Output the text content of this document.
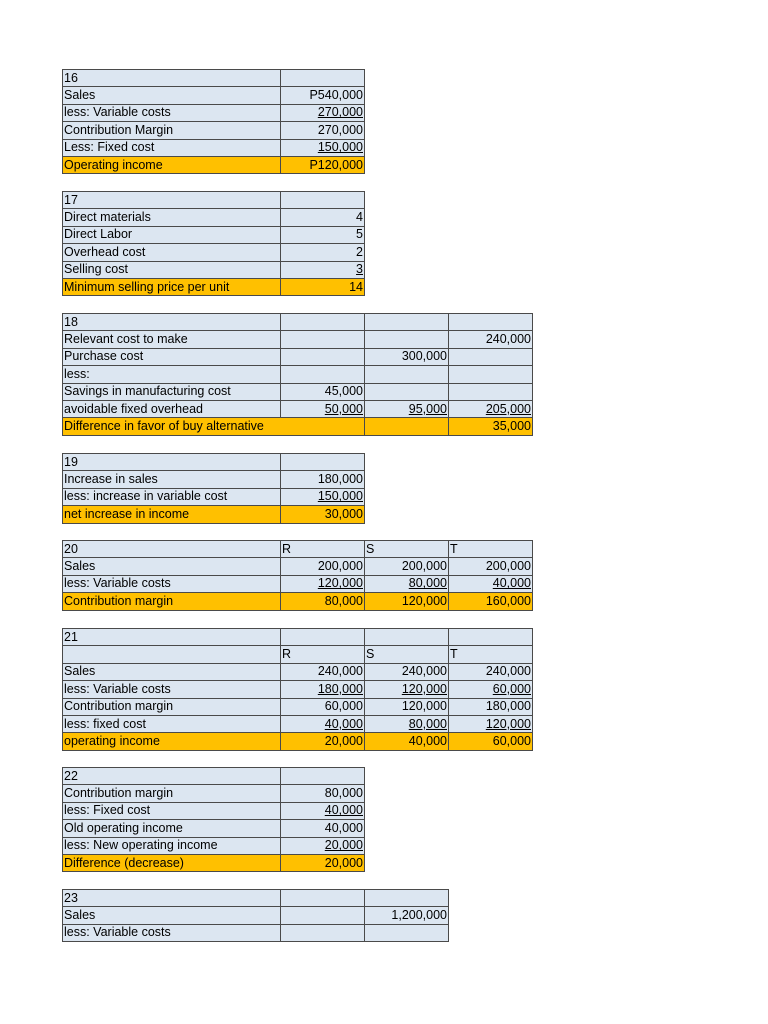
16	
Sales	P540,000
less: Variable costs	270,000
Contribution Margin	270,000
Less: Fixed cost	150,000
Operating income	P120,000
17	
Direct materials	4
Direct Labor	5
Overhead cost	2
Selling cost	3
Minimum selling price per unit	14
18			
Relevant cost to make			240,000
Purchase cost		300,000	
less:			
Savings in manufacturing cost	45,000		
avoidable fixed overhead	50,000	95,000	205,000
Difference in favor of buy alternative			35,000
19	
Increase in sales	180,000
less: increase in variable cost	150,000
net increase in income	30,000
20	R	S	T
Sales	200,000	200,000	200,000
less: Variable costs	120,000	80,000	40,000
Contribution margin	80,000	120,000	160,000
21			
	R	S	T
Sales	240,000	240,000	240,000
less: Variable costs	180,000	120,000	60,000
Contribution margin	60,000	120,000	180,000
less: fixed cost	40,000	80,000	120,000
operating income	20,000	40,000	60,000
22	
Contribution margin	80,000
less: Fixed cost	40,000
Old operating income	40,000
less: New operating income	20,000
Difference (decrease)	20,000
23		
Sales		1,200,000
less: Variable costs		
